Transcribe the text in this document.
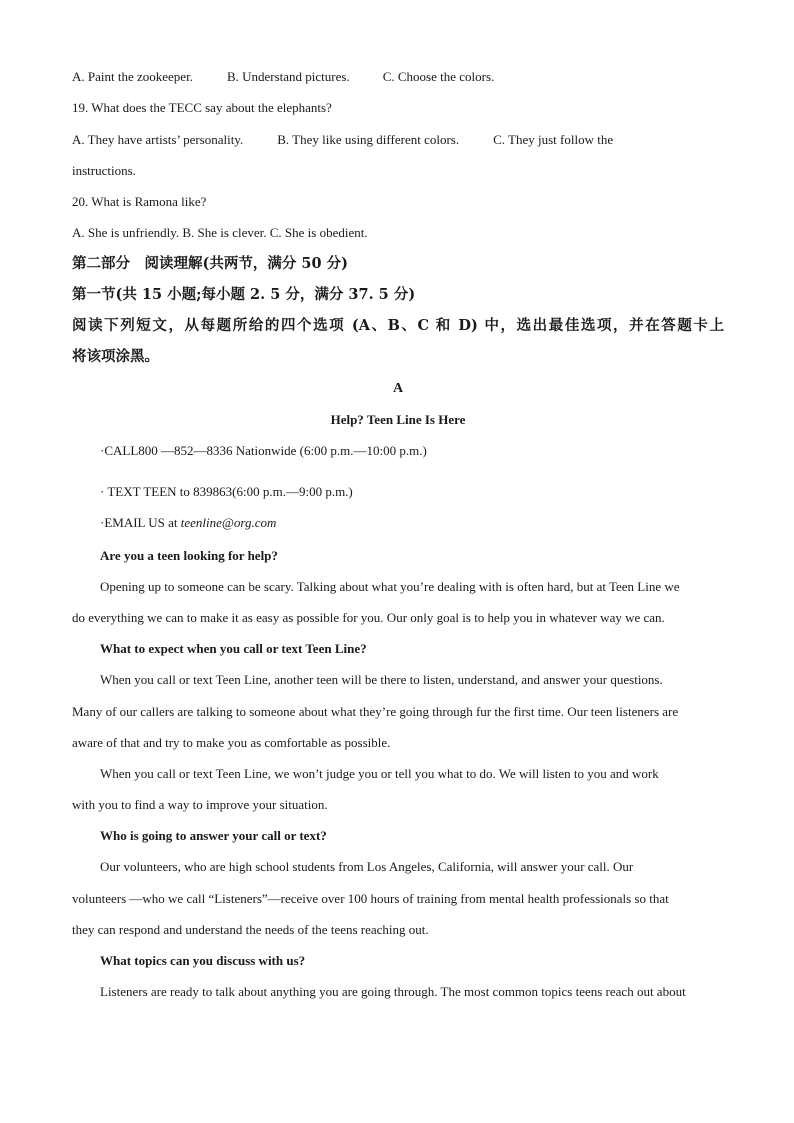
A. Paint the zookeeper.	B. Understand pictures.	C. Choose the colors.
19. What does the TECC say about the elephants?
A. They have artists’ personality.	B. They like using different colors.	C. They just follow the
instructions.
20. What is Ramona like?
A. She is unfriendly. B. She is clever. C. She is obedient.
第二部分　阅读理解(共两节，满分 50 分)
第一节(共 15 小题;每小题 2. 5 分，满分 37. 5 分)
阅读下列短文，从每题所给的四个选项 (A、B、C 和 D) 中，选出最佳选项，并在答题卡上
将该项涂黑。
A
Help? Teen Line Is Here
·CALL800 —852—8336 Nationwide (6:00 p.m.—10:00 p.m.)
· TEXT TEEN to 839863(6:00 p.m.—9:00 p.m.)
·EMAIL US at teenline@org.com
Are you a teen looking for help?
Opening up to someone can be scary. Talking about what you’re dealing with is often hard, but at Teen Line we
do everything we can to make it as easy as possible for you. Our only goal is to help you in whatever way we can.
What to expect when you call or text Teen Line?
When you call or text Teen Line, another teen will be there to listen, understand, and answer your questions.
Many of our callers are talking to someone about what they’re going through fur the first time. Our teen listeners are
aware of that and try to make you as comfortable as possible.
When you call or text Teen Line, we won’t judge you or tell you what to do. We will listen to you and work
with you to find a way to improve your situation.
Who is going to answer your call or text?
Our volunteers, who are high school students from Los Angeles, California, will answer your call. Our
volunteers —who we call “Listeners”—receive over 100 hours of training from mental health professionals so that
they can respond and understand the needs of the teens reaching out.
What topics can you discuss with us?
Listeners are ready to talk about anything you are going through. The most common topics teens reach out about
